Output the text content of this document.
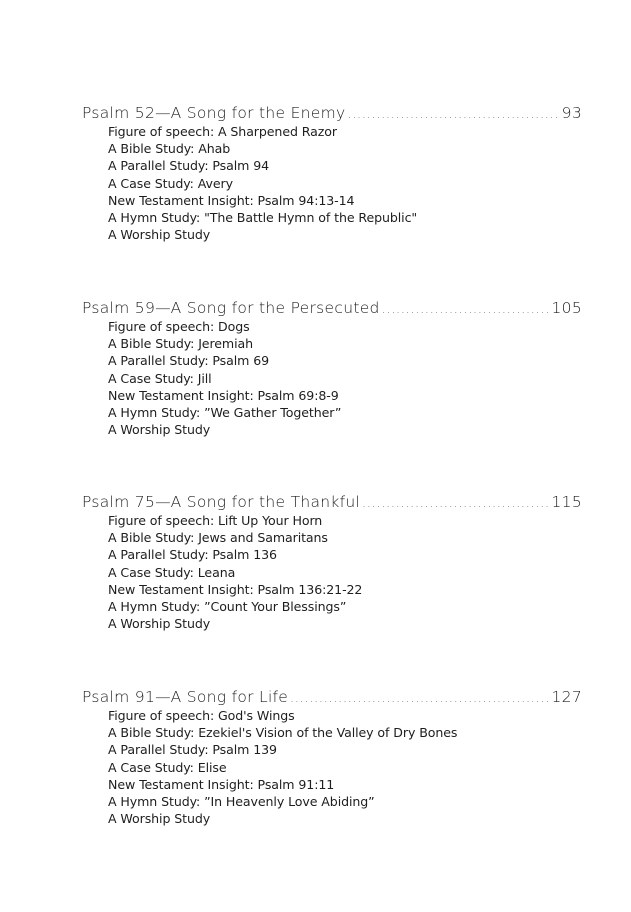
Psalm 52—A Song for the Enemy .....	93
Figure of speech: A Sharpened Razor
A Bible Study: Ahab
A Parallel Study: Psalm 94
A Case Study: Avery
New Testament Insight: Psalm 94:13-14
A Hymn Study: "The Battle Hymn of the Republic"
A Worship Study
Psalm 59—A Song for the Persecuted .....	105
Figure of speech: Dogs
A Bible Study: Jeremiah
A Parallel Study: Psalm 69
A Case Study: Jill
New Testament Insight: Psalm 69:8-9
A Hymn Study: ”We Gather Together”
A Worship Study
Psalm 75—A Song for the Thankful .....	115
Figure of speech: Lift Up Your Horn
A Bible Study: Jews and Samaritans
A Parallel Study: Psalm 136
A Case Study: Leana
New Testament Insight: Psalm 136:21-22
A Hymn Study: ”Count Your Blessings”
A Worship Study
Psalm 91—A Song for Life .....	127
Figure of speech: God's Wings
A Bible Study: Ezekiel's Vision of the Valley of Dry Bones
A Parallel Study: Psalm 139
A Case Study: Elise
New Testament Insight: Psalm 91:11
A Hymn Study: ”In Heavenly Love Abiding”
A Worship Study
